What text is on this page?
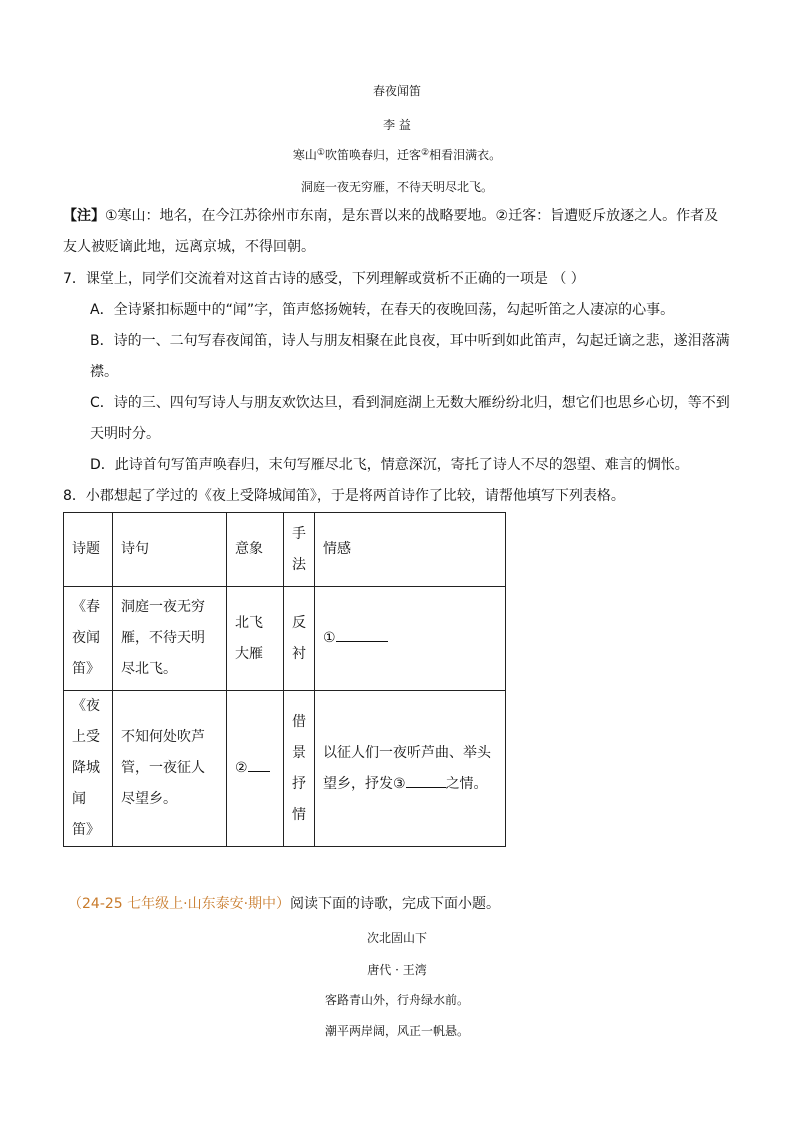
春夜闻笛
李 益
寒山①吹笛唤春归，迁客②相看泪满衣。
洞庭一夜无穷雁，不待天明尽北飞。
【注】①寒山：地名，在今江苏徐州市东南，是东晋以来的战略要地。②迁客：旨遭贬斥放逐之人。作者及友人被贬谪此地，远离京城，不得回朝。
7．课堂上，同学们交流着对这首古诗的感受，下列理解或赏析不正确的一项是 （ ）
A．全诗紧扣标题中的“闻”字，笛声悠扬婉转，在春天的夜晚回荡，勾起听笛之人凄凉的心事。
B．诗的一、二句写春夜闻笛，诗人与朋友相聚在此良夜，耳中听到如此笛声，勾起迁谪之悲，遂泪落满襟。
C．诗的三、四句写诗人与朋友欢饮达旦，看到洞庭湖上无数大雁纷纷北归，想它们也思乡心切，等不到天明时分。
D．此诗首句写笛声唤春归，末句写雁尽北飞，情意深沉，寄托了诗人不尽的怨望、难言的惆怅。
8．小郡想起了学过的《夜上受降城闻笛》，于是将两首诗作了比较，请帮他填写下列表格。
诗题	诗句	意象	手法	情感
《春夜闻笛》	洞庭一夜无穷雁，不待天明尽北飞。	北飞大雁	反衬	①
《夜上受降城闻笛》	不知何处吹芦管，一夜征人尽望乡。	②	借景抒情	以征人们一夜听芦曲、举头望乡，抒发③ 之情。
（24-25 七年级上·山东泰安·期中）阅读下面的诗歌，完成下面小题。
次北固山下
唐代 · 王湾
客路青山外，行舟绿水前。
潮平两岸阔，风正一帆悬。
